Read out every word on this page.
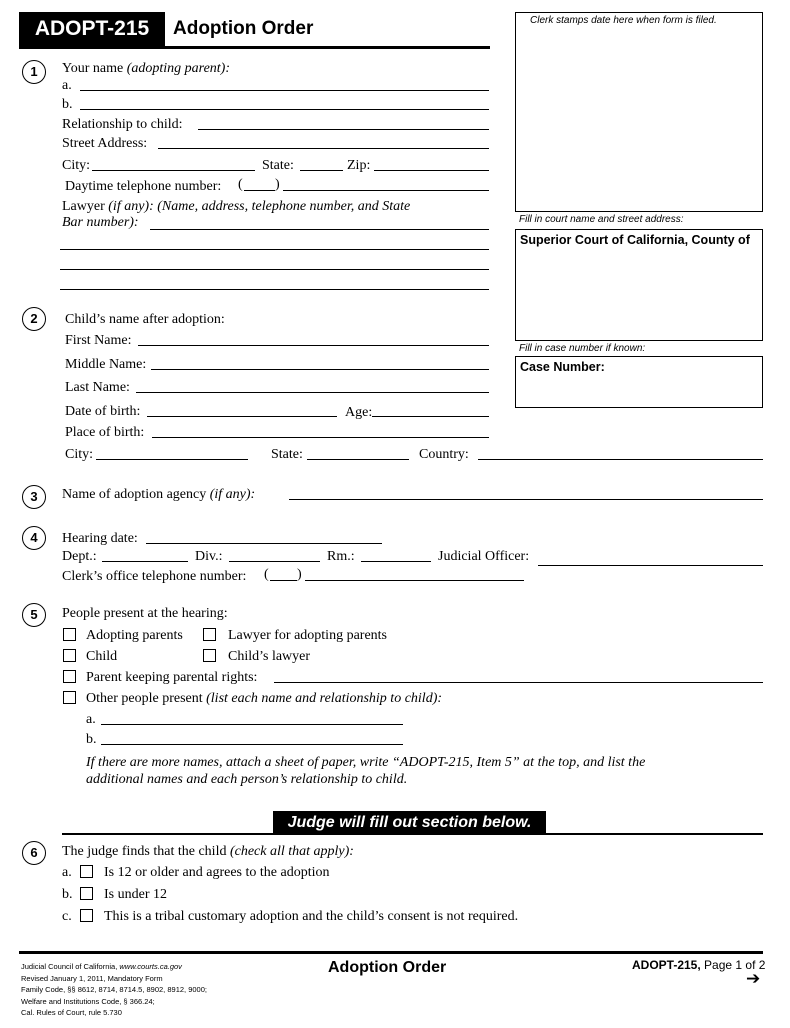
ADOPT-215	Adoption Order	Clerk stamps date here when form is filed.
Fill in court name and street address:
Superior Court of California, County of
Fill in case number if known:
Case Number:
1	Your name (adopting parent):
a.
b.
Relationship to child:
Street Address:
City:	State:	Zip:
Daytime telephone number: ( )
Lawyer (if any): (Name, address, telephone number, and State
Bar number):
2	Child’s name after adoption:
First Name:
Middle Name:
Last Name:
Date of birth:	Age:
Place of birth:
City:	State:	Country:
3	Name of adoption agency (if any):
4	Hearing date:
Dept.:	Div.:	Rm.:	Judicial Officer:
Clerk’s office telephone number: ( )
5	People present at the hearing:
Adopting parents	Lawyer for adopting parents
Child	Child’s lawyer
Parent keeping parental rights:
Other people present (list each name and relationship to child):
a.
b.
If there are more names, attach a sheet of paper, write “ADOPT-215, Item 5” at the top, and list the
additional names and each person’s relationship to child.
Judge will fill out section below.
6	The judge finds that the child (check all that apply):
a. Is 12 or older and agrees to the adoption
b. Is under 12
c. This is a tribal customary adoption and the child’s consent is not required.
Judicial Council of California, www.courts.ca.gov
Revised January 1, 2011, Mandatory Form
Family Code, §§ 8612, 8714, 8714.5, 8902, 8912, 9000;
Welfare and Institutions Code, § 366.24;
Cal. Rules of Court, rule 5.730
Adoption Order	ADOPT-215, Page 1 of 2
➔
